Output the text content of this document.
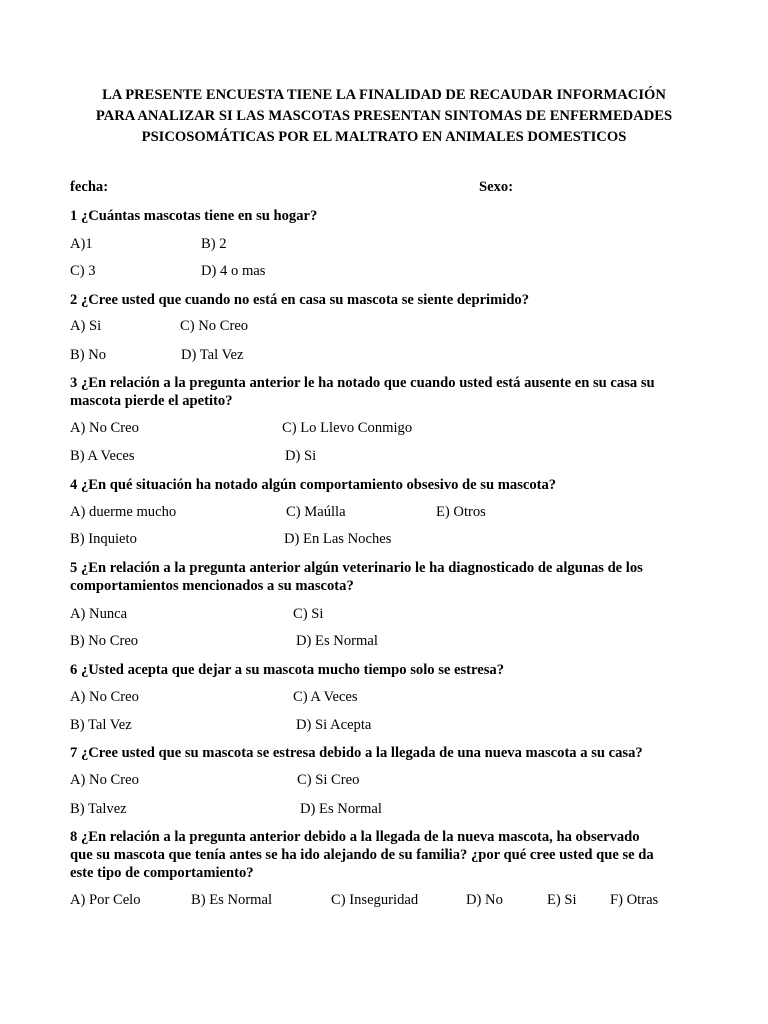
LA PRESENTE ENCUESTA TIENE LA FINALIDAD DE RECAUDAR INFORMACIÓN
PARA ANALIZAR SI LAS MASCOTAS PRESENTAN SINTOMAS DE ENFERMEDADES
PSICOSOMÁTICAS POR EL MALTRATO EN ANIMALES DOMESTICOS
fecha:	Sexo:
1 ¿Cuántas mascotas tiene en su hogar?
A)1	B) 2
C) 3	D) 4 o mas
2 ¿Cree usted que cuando no está en casa su mascota se siente deprimido?
A) Si	C) No Creo
B) No	D) Tal Vez
3 ¿En relación a la pregunta anterior le ha notado que cuando usted está ausente en su casa su
mascota pierde el apetito?
A) No Creo	C) Lo Llevo Conmigo
B) A Veces	D) Si
4 ¿En qué situación ha notado algún comportamiento obsesivo de su mascota?
A) duerme mucho	C) Maúlla	E) Otros
B) Inquieto	D) En Las Noches
5 ¿En relación a la pregunta anterior algún veterinario le ha diagnosticado de algunas de los
comportamientos mencionados a su mascota?
A) Nunca	C) Si
B) No Creo	D) Es Normal
6 ¿Usted acepta que dejar a su mascota mucho tiempo solo se estresa?
A) No Creo	C) A Veces
B) Tal Vez	D) Si Acepta
7 ¿Cree usted que su mascota se estresa debido a la llegada de una nueva mascota a su casa?
A) No Creo	C) Si Creo
B) Talvez	D) Es Normal
8 ¿En relación a la pregunta anterior debido a la llegada de la nueva mascota, ha observado
que su mascota que tenía antes se ha ido alejando de su familia? ¿por qué cree usted que se da
este tipo de comportamiento?
A) Por Celo	B) Es Normal	C) Inseguridad	D) No	E) Si F) Otras
